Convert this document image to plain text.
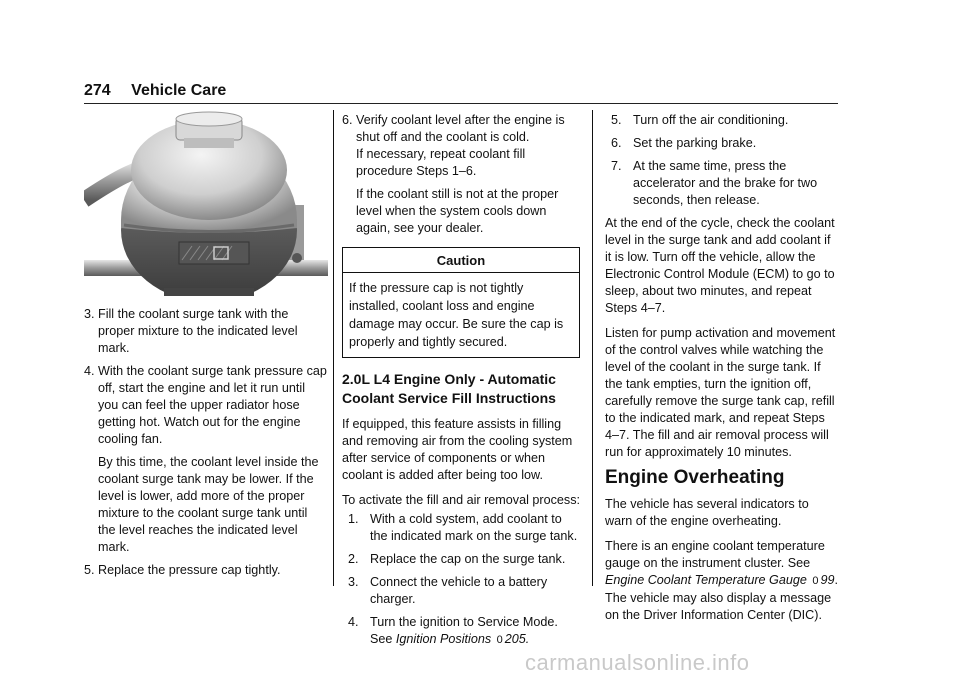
274 Vehicle Care
3. Fill the coolant surge tank with the proper mixture to the indicated level mark.
4. With the coolant surge tank pressure cap off, start the engine and let it run until you can feel the upper radiator hose getting hot. Watch out for the engine cooling fan.

By this time, the coolant level inside the coolant surge tank may be lower. If the level is lower, add more of the proper mixture to the coolant surge tank until the level reaches the indicated level mark.

5. Replace the pressure cap tightly.
6. Verify coolant level after the engine is shut off and the coolant is cold.
If necessary, repeat coolant fill procedure Steps 1–6.

If the coolant still is not at the proper level when the system cools down again, see your dealer.

Caution
If the pressure cap is not tightly installed, coolant loss and engine damage may occur. Be sure the cap is properly and tightly secured.
2.0L L4 Engine Only - Automatic Coolant Service Fill Instructions

If equipped, this feature assists in filling and removing air from the cooling system after service of components or when coolant is added after being too low.

To activate the fill and air removal process:

1. With a cold system, add coolant to the indicated mark on the surge tank.
2. Replace the cap on the surge tank.
3. Connect the vehicle to a battery charger.
4. Turn the ignition to Service Mode. See Ignition Positions 0 205.
5. Turn off the air conditioning.
6. Set the parking brake.
7. At the same time, press the accelerator and the brake for two seconds, then release.

At the end of the cycle, check the coolant level in the surge tank and add coolant if it is low. Turn off the vehicle, allow the Electronic Control Module (ECM) to go to sleep, about two minutes, and repeat Steps 4–7.

Listen for pump activation and movement of the control valves while watching the level of the coolant in the surge tank. If the tank empties, turn the ignition off, carefully remove the surge tank cap, refill to the indicated mark, and repeat Steps 4–7. The fill and air removal process will run for approximately 10 minutes.

Engine Overheating

The vehicle has several indicators to warn of the engine overheating.

There is an engine coolant temperature gauge on the instrument cluster. See Engine Coolant Temperature Gauge 0 99. The vehicle may also display a message on the Driver Information Center (DIC).

carmanualsonline.info
